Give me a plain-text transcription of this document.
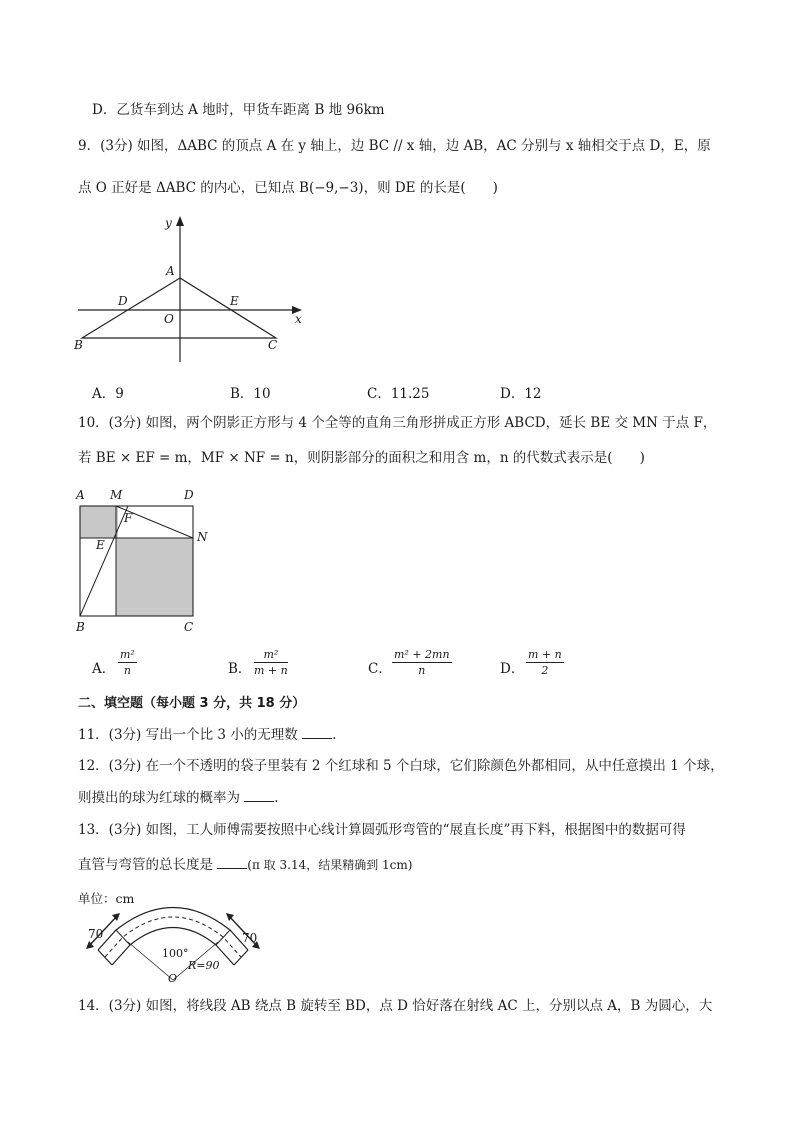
D．乙货车到达 A 地时，甲货车距离 B 地 96km
9．(3分) 如图，ΔABC 的顶点 A 在 y 轴上，边 BC // x 轴，边 AB，AC 分别与 x 轴相交于点 D，E，原
点 O 正好是 ΔABC 的内心，已知点 B(−9,−3)，则 DE 的长是(　　)
y
A
D	E
O	x
B	C
A．9	B．10	C．11.25	D．12
10．(3分) 如图，两个阴影正方形与 4 个全等的直角三角形拼成正方形 ABCD，延长 BE 交 MN 于点 F，
若 BE × EF = m，MF × NF = n，则阴影部分的面积之和用含 m，n 的代数式表示是(　　)
A M	D
F
E
N
B	C
A．
m²
n	B．
m²
m + n	C．
m² + 2mn
n	D．
m + n
2
二、填空题（每小题 3 分，共 18 分）
11．(3分) 写出一个比 3 小的无理数	.
12．(3分) 在一个不透明的袋子里装有 2 个红球和 5 个白球，它们除颜色外都相同，从中任意摸出 1 个球，
则摸出的球为红球的概率为	.
13．(3分) 如图，工人师傅需要按照中心线计算圆弧形弯管的“展直长度”再下料，根据图中的数据可得
直管与弯管的总长度是	(π 取 3.14，结果精确到 1cm)
单位：cm
70	70
100°
R=90
O
14．(3分) 如图，将线段 AB 绕点 B 旋转至 BD，点 D 恰好落在射线 AC 上，分别以点 A，B 为圆心，大
